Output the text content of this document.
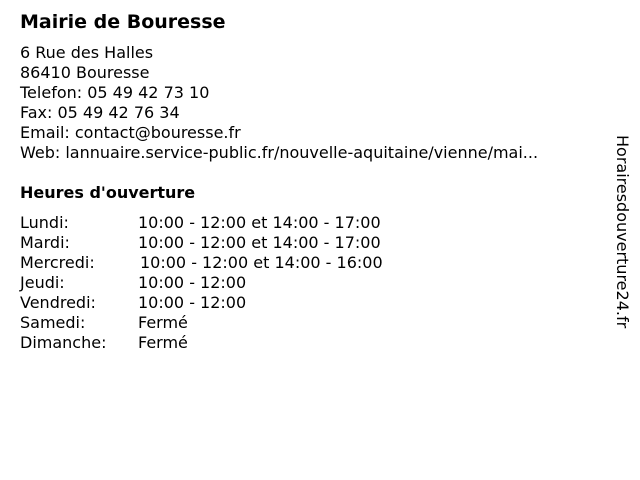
Mairie de Bouresse
6 Rue des Halles
86410 Bouresse
Telefon: 05 49 42 73 10
Fax: 05 49 42 76 34
Email: contact@bouresse.fr
Web: lannuaire.service-public.fr/nouvelle-aquitaine/vienne/mai...
Heures d'ouverture
Lundi:	10:00 - 12:00 et 14:00 - 17:00
Mardi:	10:00 - 12:00 et 14:00 - 17:00
Mercredi:	10:00 - 12:00 et 14:00 - 16:00
Jeudi:	10:00 - 12:00
Vendredi:	10:00 - 12:00
Samedi:	Fermé
Dimanche: Fermé
Horairesdouverture24.fr
